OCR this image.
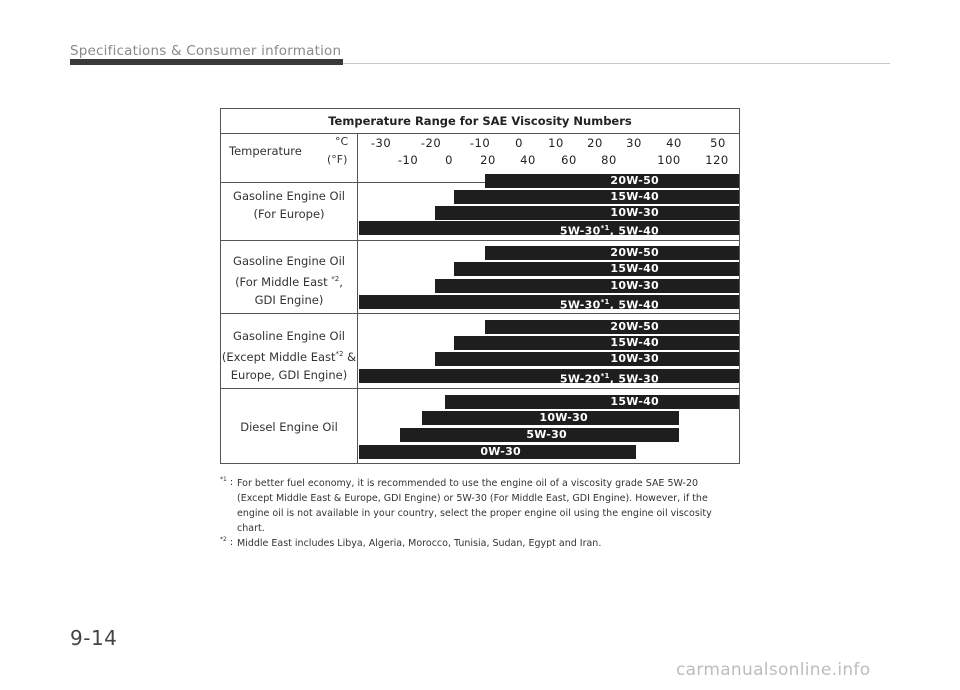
Specifications & Consumer information
Temperature Range for SAE Viscosity Numbers
Temperature
°C
(°F)
-30	-20 -10 0 10 20 30 40 50
-10 0 20 40 60 80	100 120
Gasoline Engine Oil
(For Europe)
20W-50
15W-40
10W-30
5W-30$^{*1}$, 5W-40
Gasoline Engine Oil
(For Middle East $^{*2}$,
GDI Engine)
20W-50
15W-40
10W-30
5W-30$^{*1}$, 5W-40
Gasoline Engine Oil
(Except Middle East$^{*2}$ &
Europe, GDI Engine)
20W-50
15W-40
10W-30
5W-20$^{*1}$, 5W-30
Diesel Engine Oil
15W-40
10W-30
5W-30
0W-30
$^{*1}$ : For better fuel economy, it is recommended to use the engine oil of a viscosity grade SAE 5W-20
(Except Middle East & Europe, GDI Engine) or 5W-30 (For Middle East, GDI Engine). However, if the
engine oil is not available in your country, select the proper engine oil using the engine oil viscosity
chart.
$^{*2}$ : Middle East includes Libya, Algeria, Morocco, Tunisia, Sudan, Egypt and Iran.
9-14
carmanualsonline.info
